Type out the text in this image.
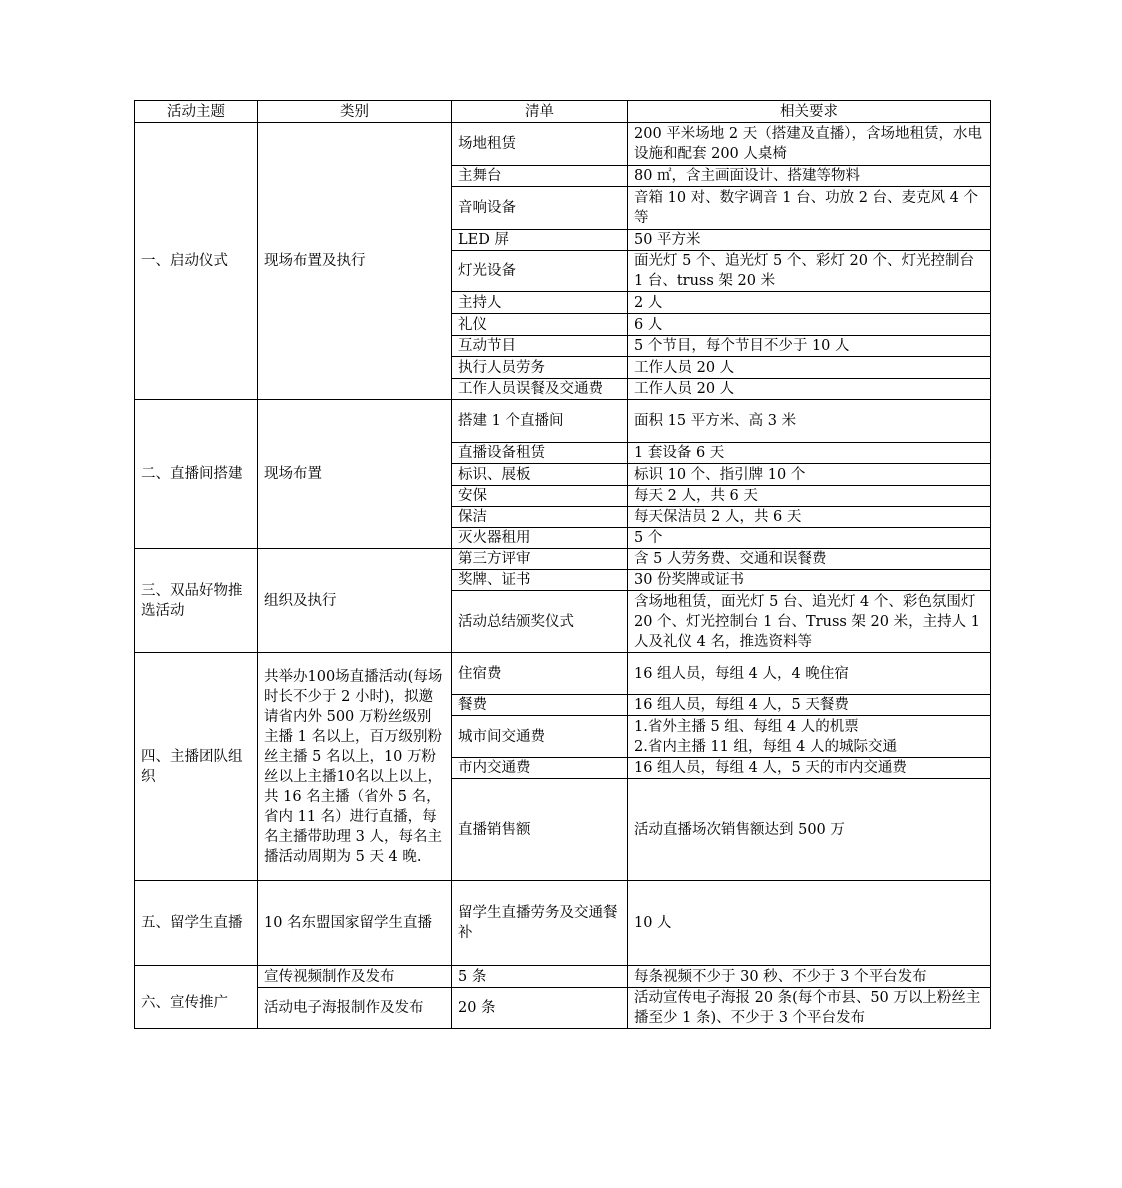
活动主题	类别	清单	相关要求
一、启动仪式	现场布置及执行	场地租赁	200 平米场地 2 天（搭建及直播），含场地租赁，水电设施和配套 200 人桌椅
		主舞台	80 ㎡，含主画面设计、搭建等物料
		音响设备	音箱 10 对、数字调音 1 台、功放 2 台、麦克风 4 个等
		LED 屏	50 平方米
		灯光设备	面光灯 5 个、追光灯 5 个、彩灯 20 个、灯光控制台 1 台、truss 架 20 米
		主持人	2 人
		礼仪	6 人
		互动节目	5 个节目，每个节目不少于 10 人
		执行人员劳务	工作人员 20 人
		工作人员误餐及交通费	工作人员 20 人
二、直播间搭建	现场布置	搭建 1 个直播间	面积 15 平方米、高 3 米
		直播设备租赁	1 套设备 6 天
		标识、展板	标识 10 个、指引牌 10 个
		安保	每天 2 人，共 6 天
		保洁	每天保洁员 2 人，共 6 天
		灭火器租用	5 个
三、双品好物推选活动	组织及执行	第三方评审	含 5 人劳务费、交通和误餐费
		奖牌、证书	30 份奖牌或证书
		活动总结颁奖仪式	含场地租赁，面光灯 5 台、追光灯 4 个、彩色氛围灯 20 个、灯光控制台 1 台、Truss 架 20 米，主持人 1 人及礼仪 4 名，推选资料等
四、主播团队组织	共举办100场直播活动(每场时长不少于 2 小时)，拟邀请省内外 500 万粉丝级别主播 1 名以上，百万级别粉丝主播 5 名以上，10 万粉丝以上主播10名以上以上，共 16 名主播（省外 5 名，省内 11 名）进行直播，每名主播带助理 3 人，每名主播活动周期为 5 天 4 晚.	住宿费	16 组人员，每组 4 人，4 晚住宿
		餐费	16 组人员，每组 4 人，5 天餐费
		城市间交通费	1.省外主播 5 组、每组 4 人的机票
2.省内主播 11 组，每组 4 人的城际交通
		市内交通费	16 组人员，每组 4 人，5 天的市内交通费
		直播销售额	活动直播场次销售额达到 500 万
五、留学生直播	10 名东盟国家留学生直播	留学生直播劳务及交通餐补	10 人
六、宣传推广	宣传视频制作及发布	5 条	每条视频不少于 30 秒、不少于 3 个平台发布
	活动电子海报制作及发布	20 条	活动宣传电子海报 20 条(每个市县、50 万以上粉丝主播至少 1 条)、不少于 3 个平台发布
